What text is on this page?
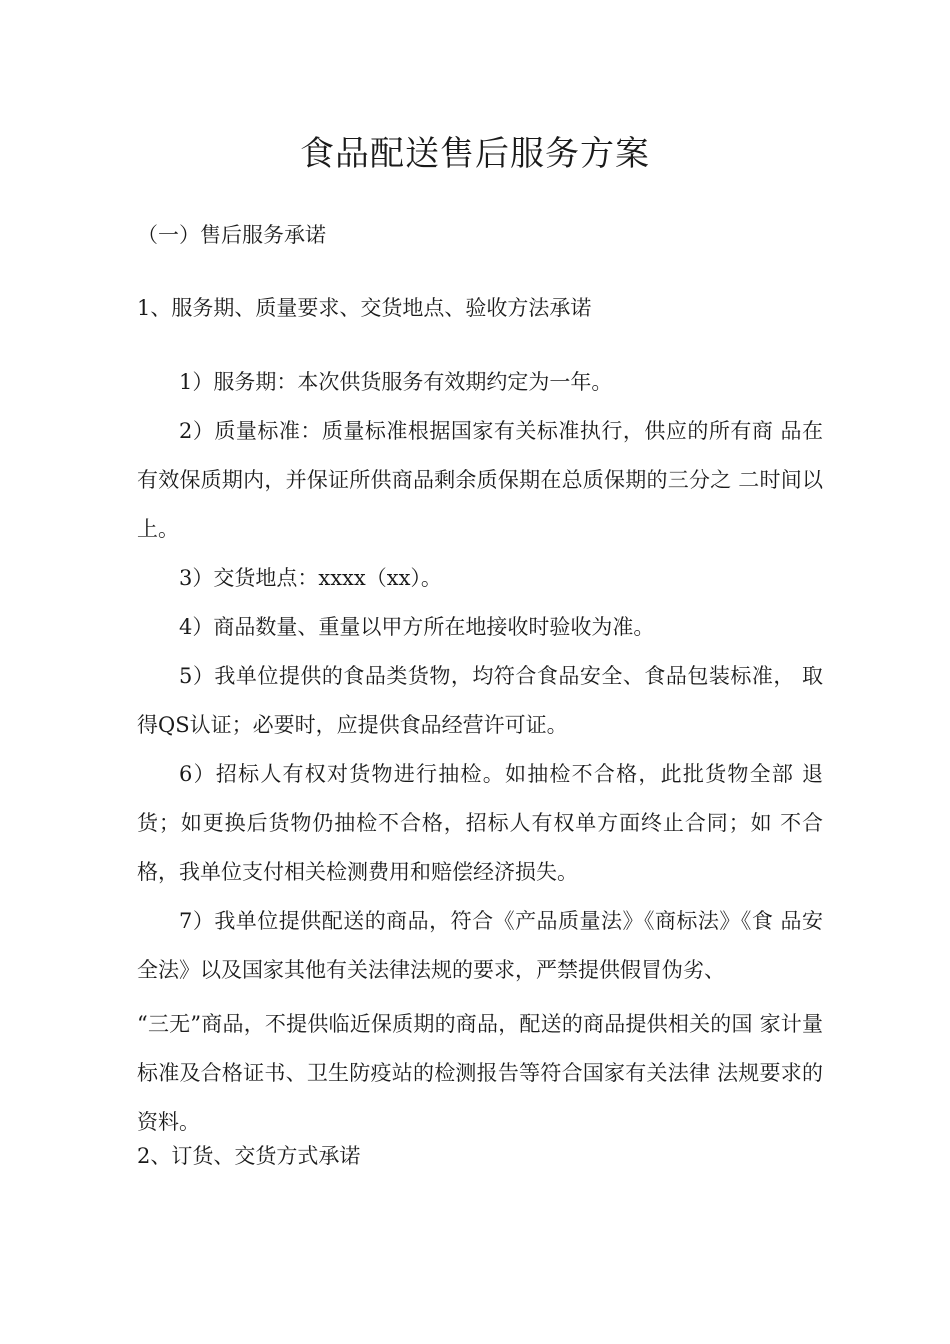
食品配送售后服务方案
（一）售后服务承诺
1、服务期、质量要求、交货地点、验收方法承诺
1）服务期：本次供货服务有效期约定为一年。
2）质量标准：质量标准根据国家有关标准执行，供应的所有商 品在有效保质期内，并保证所供商品剩余质保期在总质保期的三分之 二时间以上。
3）交货地点：xxxx（xx）。
4）商品数量、重量以甲方所在地接收时验收为准。
5）我单位提供的食品类货物，均符合食品安全、食品包装标准， 取得QS认证；必要时，应提供食品经营许可证。
6）招标人有权对货物进行抽检。如抽检不合格，此批货物全部 退货；如更换后货物仍抽检不合格，招标人有权单方面终止合同；如 不合格，我单位支付相关检测费用和赔偿经济损失。
7）我单位提供配送的商品，符合《产品质量法》《商标法》《食 品安全法》以及国家其他有关法律法规的要求，严禁提供假冒伪劣、
“三无”商品，不提供临近保质期的商品，配送的商品提供相关的国 家计量标准及合格证书、卫生防疫站的检测报告等符合国家有关法律 法规要求的资料。
2、订货、交货方式承诺
